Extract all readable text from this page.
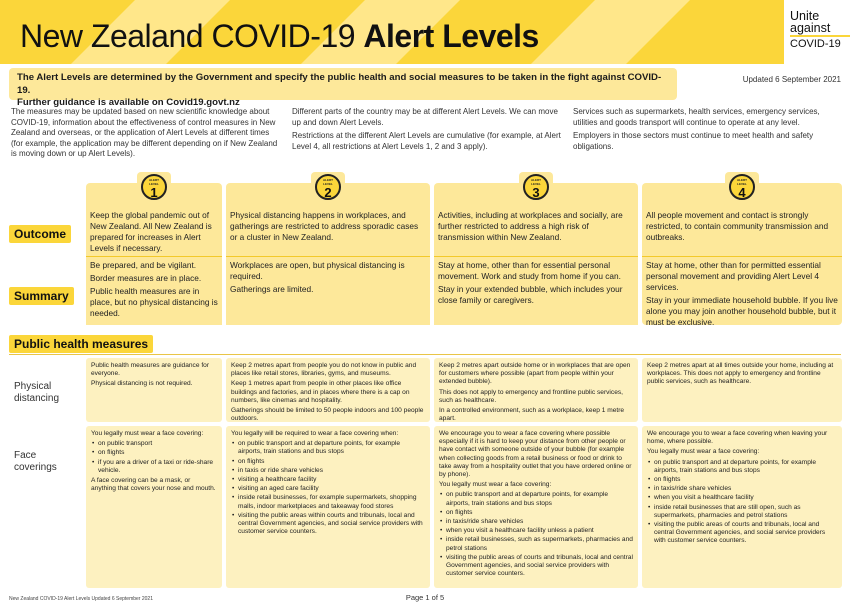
New Zealand COVID-19 Alert Levels
Unite
against
COVID-19
The Alert Levels are determined by the Government and specify the public health and social measures to be taken in the fight against COVID-19.
Further guidance is available on Covid19.govt.nz
Updated 6 September 2021

The measures may be updated based on new scientific knowledge about COVID-19, information about the effectiveness of control measures in New Zealand and overseas, or the application of Alert Levels at different times (for example, the application may be different depending on if New Zealand is moving down or up Alert Levels).

Different parts of the country may be at different Alert Levels. We can move up and down Alert Levels.

Restrictions at the different Alert Levels are cumulative (for example, at Alert Level 4, all restrictions at Alert Levels 1, 2 and 3 apply).

Services such as supermarkets, health services, emergency services, utilities and goods transport will continue to operate at any level.

Employers in those sectors must continue to meet health and safety obligations.

Outcome
Summary
ALERT
LEVEL
1

Keep the global pandemic out of New Zealand. All New Zealand is prepared for increases in Alert Levels if necessary.

Be prepared, and be vigilant.

Border measures are in place.

Public health measures are in place, but no physical distancing is needed.

ALERT
LEVEL
2

Physical distancing happens in workplaces, and gatherings are restricted to address sporadic cases or a cluster in New Zealand.

Workplaces are open, but physical distancing is required.

Gatherings are limited.

ALERT
LEVEL
3

Activities, including at workplaces and socially, are further restricted to address a high risk of transmission within New Zealand.

Stay at home, other than for essential personal movement. Work and study from home if you can.

Stay in your extended bubble, which includes your close family or caregivers.

ALERT
LEVEL
4

All people movement and contact is strongly restricted, to contain community transmission and outbreaks.

Stay at home, other than for permitted essential personal movement and providing Alert Level 4 services.

Stay in your immediate household bubble. If you live alone you may join another household bubble, but it must be exclusive.

Public health measures
Physical
distancing
Face
coverings

Public health measures are guidance for everyone.

Physical distancing is not required.

Keep 2 metres apart from people you do not know in public and places like retail stores, libraries, gyms, and museums.

Keep 1 metres apart from people in other places like office buildings and factories, and in places where there is a cap on numbers, like cinemas and hospitality.

Gatherings should be limited to 50 people indoors and 100 people outdoors.

Keep 2 metres apart outside home or in workplaces that are open for customers where possible (apart from people within your extended bubble).

This does not apply to emergency and frontline public services, such as healthcare.

In a controlled environment, such as a workplace, keep 1 metre apart.

Keep 2 metres apart at all times outside your home, including at workplaces. This does not apply to emergency and frontline public services, such as healthcare.

You legally must wear a face covering:

• on public transport
• on flights
• if you are a driver of a taxi or ride-share vehicle.

A face covering can be a mask, or anything that covers your nose and mouth.

You legally will be required to wear a face covering when:

• on public transport and at departure points, for example airports, train stations and bus stops
• on flights
• in taxis or ride share vehicles
• visiting a healthcare facility
• visiting an aged care facility
• inside retail businesses, for example supermarkets, shopping malls, indoor marketplaces and takeaway food stores
• visiting the public areas within courts and tribunals, local and central Government agencies, and social service providers with customer service counters.

We encourage you to wear a face covering where possible especially if it is hard to keep your distance from other people or have contact with someone outside of your bubble (for example when collecting goods from a retail business or food or drink to take away from a hospitality outlet that you have ordered online or by phone).

You legally must wear a face covering:

• on public transport and at departure points, for example airports, train stations and bus stops
• on flights
• in taxis/ride share vehicles
• when you visit a healthcare facility unless a patient
• inside retail businesses, such as supermarkets, pharmacies and petrol stations
• visiting the public areas of courts and tribunals, local and central Government agencies, and social service providers with customer service counters.

We encourage you to wear a face covering when leaving your home, where possible.

You legally must wear a face covering:

• on public transport and at departure points, for example airports, train stations and bus stops
• on flights
• in taxis/ride share vehicles
• when you visit a healthcare facility
• inside retail businesses that are still open, such as supermarkets, pharmacies and petrol stations
• visiting the public areas of courts and tribunals, local and central Government agencies, and social service providers with customer service counters.
New Zealand COVID-19 Alert Levels Updated 6 September 2021	Page 1 of 5
